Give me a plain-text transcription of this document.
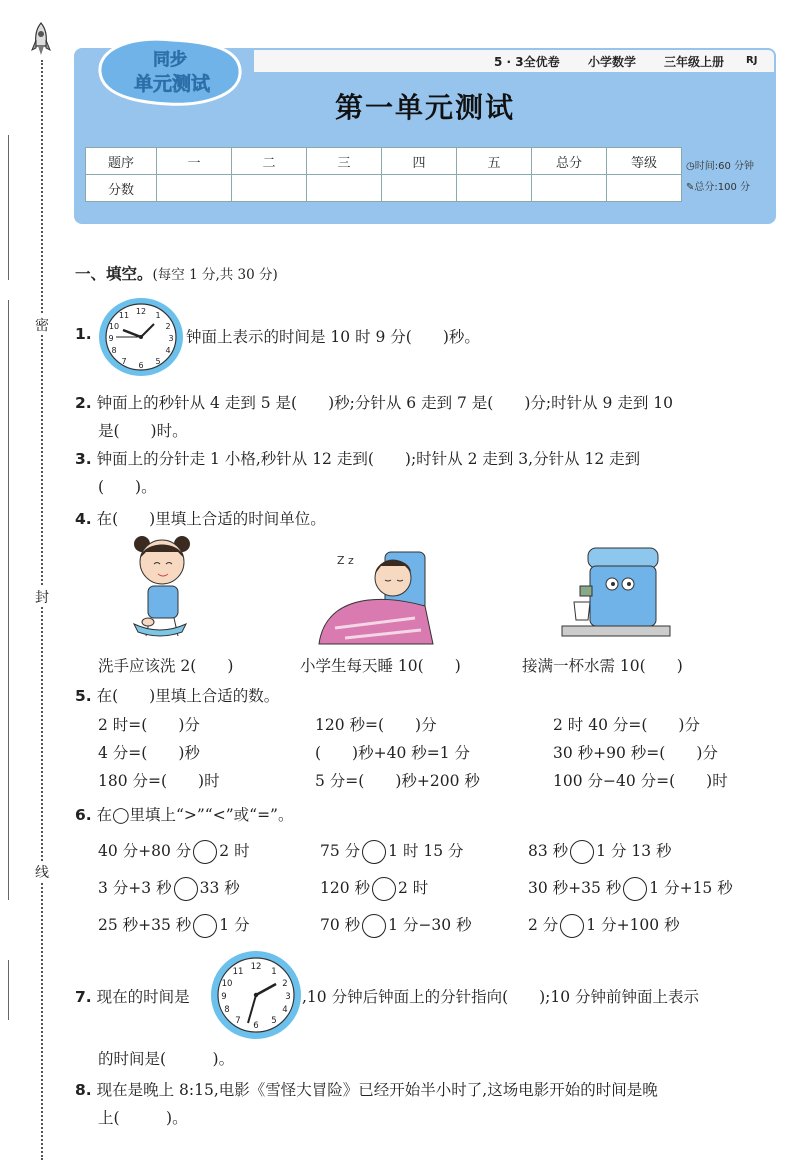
密
封
线
5 · 3全优卷 小学数学 三年级上册 RJ
同步
单元测试
第一单元测试
题序	一	二	三	四	五	总分	等级
分数							
◷时间:60 分钟
✎总分:100 分
一、填空。(每空 1 分,共 30 分)
1.
12 1
2
3
4
5
6
7
8
9
10
11
钟面上表示的时间是 10 时 9 分(　　)秒。
2. 钟面上的秒针从 4 走到 5 是(　　)秒;分针从 6 走到 7 是(　　)分;时针从 9 走到 10
是(　　)时。
3. 钟面上的分针走 1 小格,秒针从 12 走到(　　);时针从 2 走到 3,分针从 12 走到
(　　)。
4. 在(　　)里填上合适的时间单位。
Z z
洗手应该洗 2(　　)	小学生每天睡 10(　　)	接满一杯水需 10(　　)
5. 在(　　)里填上合适的数。
2 时=(　　)分	120 秒=(　　)分	2 时 40 分=(　　)分
4 分=(　　)秒	(　　)秒+40 秒=1 分	30 秒+90 秒=(　　)分
180 分=(　　)时	5 分=(　　)秒+200 秒	100 分−40 分=(　　)时
6. 在◯里填上“>”“<”或“=”。
40 分+80 分 2 时	75 分 1 时 15 分	83 秒 1 分 13 秒
3 分+3 秒 33 秒	120 秒 2 时	30 秒+35 秒 1 分+15 秒
25 秒+35 秒 1 分	70 秒 1 分−30 秒	2 分 1 分+100 秒
7. 现在的时间是
12 1
2
3
4
5
6
7
8
9
10
11
,10 分钟后钟面上的分针指向(　　);10 分钟前钟面上表示
的时间是(　　　)。
8. 现在是晚上 8:15,电影《雪怪大冒险》已经开始半小时了,这场电影开始的时间是晚
上(　　　)。
